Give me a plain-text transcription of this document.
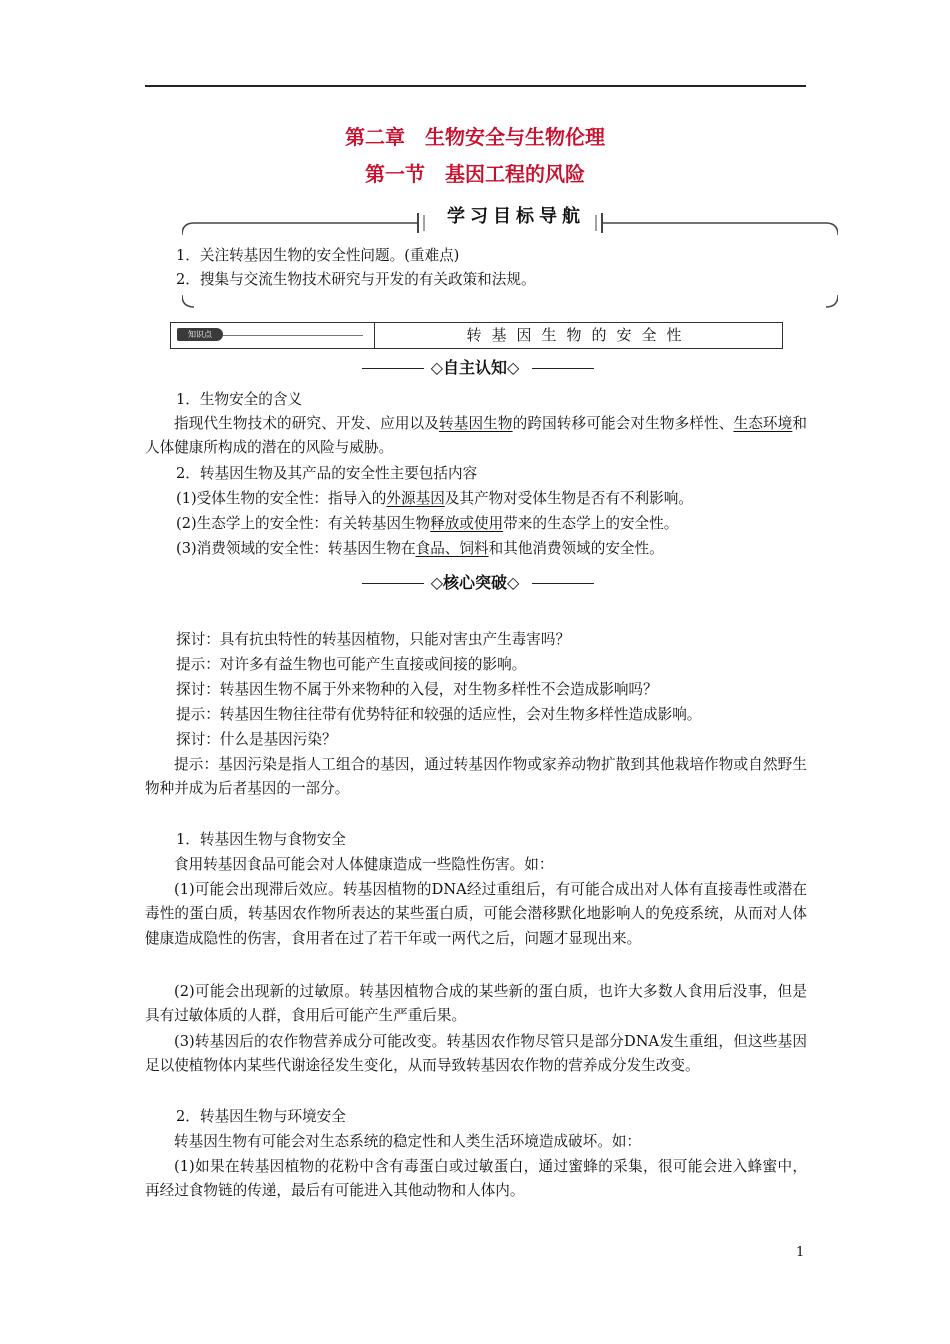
第二章　生物安全与生物伦理
第一节　基因工程的风险
学习目标导航
1．关注转基因生物的安全性问题。(重难点)
2．搜集与交流生物技术研究与开发的有关政策和法规。
知识点	转基因生物的安全性
◇自主认知◇
1．生物安全的含义
指现代生物技术的研究、开发、应用以及转基因生物的跨国转移可能会对生物多样性、生态环境和人体健康所构成的潜在的风险与威胁。
2．转基因生物及其产品的安全性主要包括内容
(1)受体生物的安全性：指导入的外源基因及其产物对受体生物是否有不利影响。
(2)生态学上的安全性：有关转基因生物释放或使用带来的生态学上的安全性。
(3)消费领域的安全性：转基因生物在食品、饲料和其他消费领域的安全性。
◇核心突破◇
探讨：具有抗虫特性的转基因植物，只能对害虫产生毒害吗？
提示：对许多有益生物也可能产生直接或间接的影响。
探讨：转基因生物不属于外来物种的入侵，对生物多样性不会造成影响吗？
提示：转基因生物往往带有优势特征和较强的适应性，会对生物多样性造成影响。
探讨：什么是基因污染？
提示：基因污染是指人工组合的基因，通过转基因作物或家养动物扩散到其他栽培作物或自然野生物种并成为后者基因的一部分。
1．转基因生物与食物安全
食用转基因食品可能会对人体健康造成一些隐性伤害。如：
(1)可能会出现滞后效应。转基因植物的DNA经过重组后，有可能合成出对人体有直接毒性或潜在毒性的蛋白质，转基因农作物所表达的某些蛋白质，可能会潜移默化地影响人的免疫系统，从而对人体健康造成隐性的伤害，食用者在过了若干年或一两代之后，问题才显现出来。
(2)可能会出现新的过敏原。转基因植物合成的某些新的蛋白质，也许大多数人食用后没事，但是具有过敏体质的人群，食用后可能产生严重后果。
(3)转基因后的农作物营养成分可能改变。转基因农作物尽管只是部分DNA发生重组，但这些基因足以使植物体内某些代谢途径发生变化，从而导致转基因农作物的营养成分发生改变。
2．转基因生物与环境安全
转基因生物有可能会对生态系统的稳定性和人类生活环境造成破坏。如：
(1)如果在转基因植物的花粉中含有毒蛋白或过敏蛋白，通过蜜蜂的采集，很可能会进入蜂蜜中，再经过食物链的传递，最后有可能进入其他动物和人体内。
1
